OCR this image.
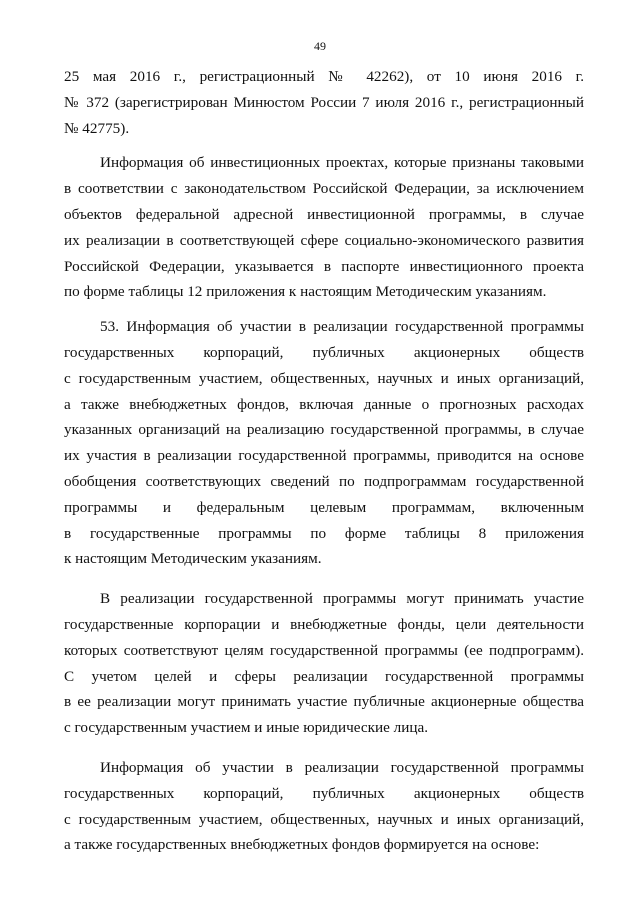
49

25 мая 2016 г., регистрационный № 42262), от 10 июня 2016 г.
№ 372 (зарегистрирован Минюстом России 7 июля 2016 г., регистрационный
№ 42775).

Информация об инвестиционных проектах, которые признаны таковыми
в соответствии с законодательством Российской Федерации, за исключением
объектов федеральной адресной инвестиционной программы, в случае
их реализации в соответствующей сфере социально-экономического развития
Российской Федерации, указывается в паспорте инвестиционного проекта
по форме таблицы 12 приложения к настоящим Методическим указаниям.

53. Информация об участии в реализации государственной программы
государственных корпораций, публичных акционерных обществ
с государственным участием, общественных, научных и иных организаций,
а также внебюджетных фондов, включая данные о прогнозных расходах
указанных организаций на реализацию государственной программы, в случае
их участия в реализации государственной программы, приводится на основе
обобщения соответствующих сведений по подпрограммам государственной
программы и федеральным целевым программам, включенным
в государственные программы по форме таблицы 8 приложения
к настоящим Методическим указаниям.

В реализации государственной программы могут принимать участие
государственные корпорации и внебюджетные фонды, цели деятельности
которых соответствуют целям государственной программы (ее подпрограмм).
С учетом целей и сферы реализации государственной программы
в ее реализации могут принимать участие публичные акционерные общества
с государственным участием и иные юридические лица.

Информация об участии в реализации государственной программы
государственных корпораций, публичных акционерных обществ
с государственным участием, общественных, научных и иных организаций,
а также государственных внебюджетных фондов формируется на основе:
